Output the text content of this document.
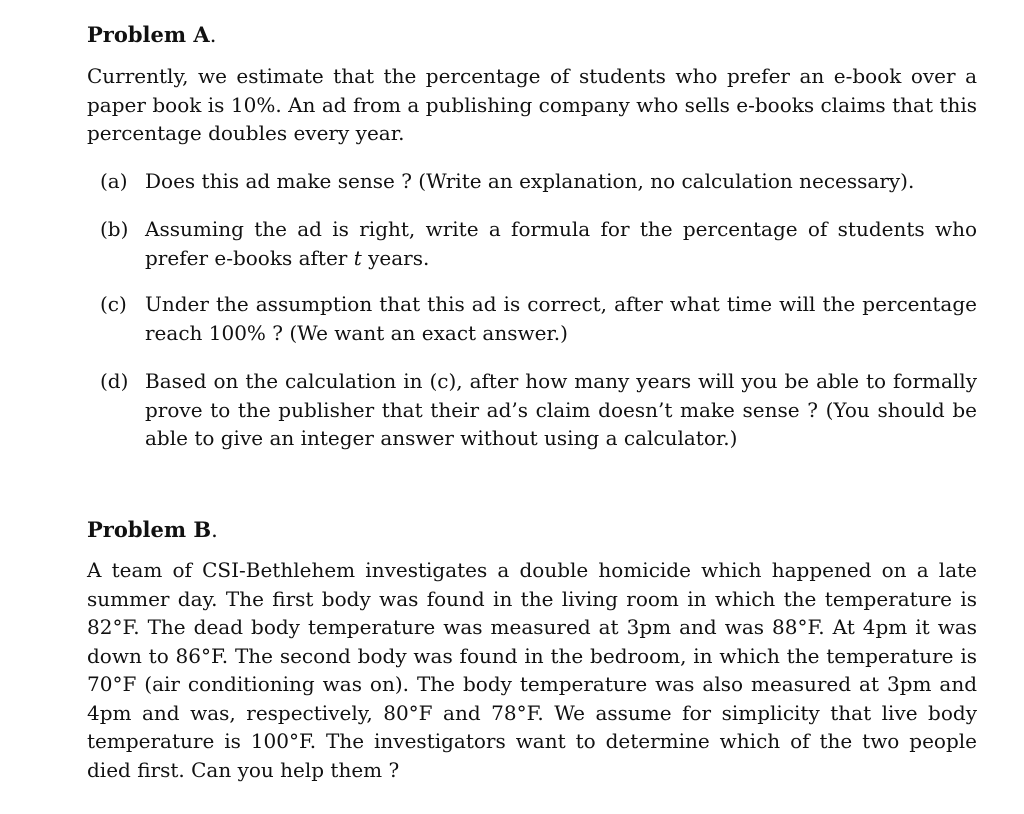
Problem A.
Currently, we estimate that the percentage of students who prefer an e-book over a paper book is 10%. An ad from a publishing company who sells e-books claims that this percentage doubles every year.
(a) Does this ad make sense ? (Write an explanation, no calculation necessary).
(b) Assuming the ad is right, write a formula for the percentage of students who prefer e-books after t years.
(c) Under the assumption that this ad is correct, after what time will the percentage reach 100% ? (We want an exact answer.)
(d) Based on the calculation in (c), after how many years will you be able to formally prove to the publisher that their ad’s claim doesn’t make sense ? (You should be able to give an integer answer without using a calculator.)
Problem B.
A team of CSI-Bethlehem investigates a double homicide which happened on a late summer day. The first body was found in the living room in which the temperature is 82°F. The dead body temperature was measured at 3pm and was 88°F. At 4pm it was down to 86°F. The second body was found in the bedroom, in which the temperature is 70°F (air conditioning was on). The body temperature was also measured at 3pm and 4pm and was, respectively, 80°F and 78°F. We assume for simplicity that live body temperature is 100°F. The investigators want to determine which of the two people died first. Can you help them ?
